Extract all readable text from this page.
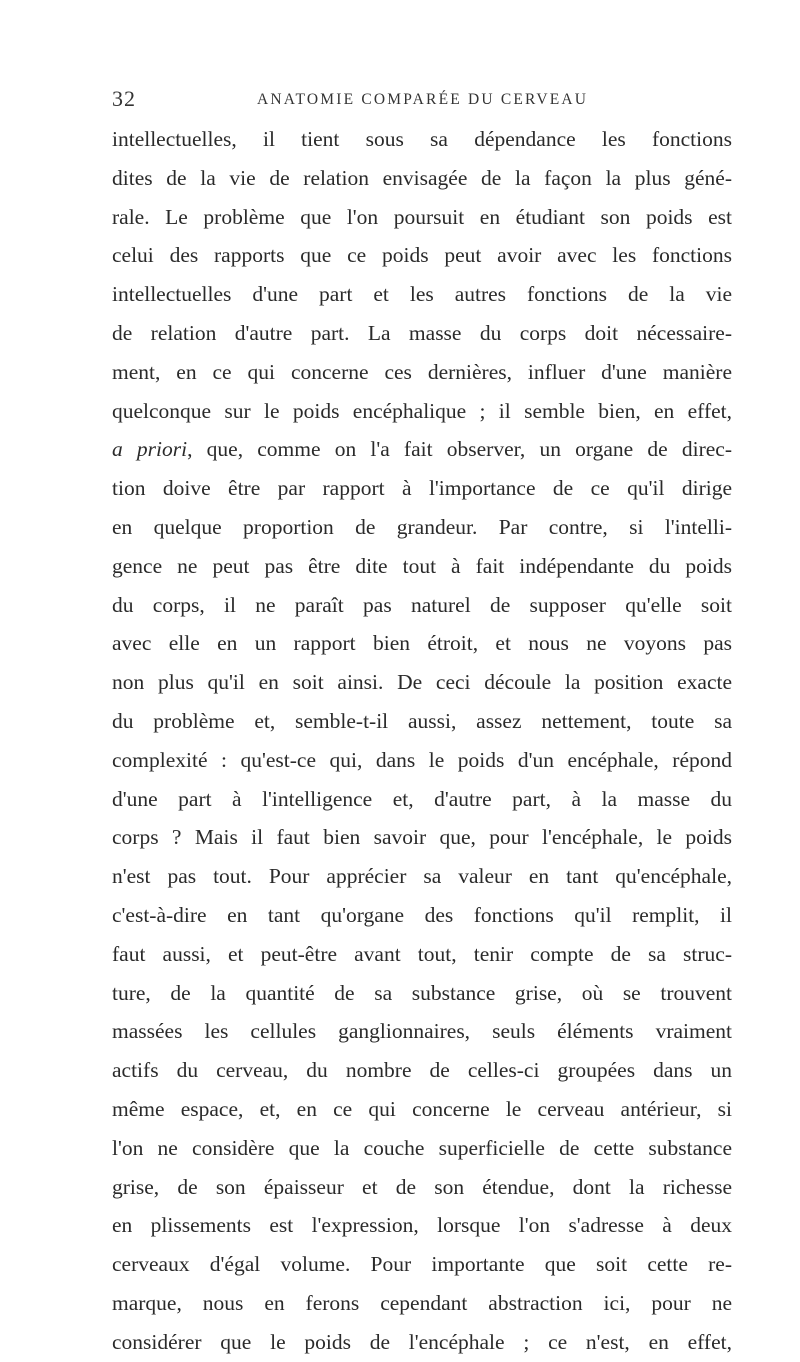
32	ANATOMIE COMPARÉE DU CERVEAU
intellectuelles, il tient sous sa dépendance les fonctions
dites de la vie de relation envisagée de la façon la plus géné-
rale. Le problème que l'on poursuit en étudiant son poids est
celui des rapports que ce poids peut avoir avec les fonctions
intellectuelles d'une part et les autres fonctions de la vie
de relation d'autre part. La masse du corps doit nécessaire-
ment, en ce qui concerne ces dernières, influer d'une manière
quelconque sur le poids encéphalique ; il semble bien, en effet,
a priori, que, comme on l'a fait observer, un organe de direc-
tion doive être par rapport à l'importance de ce qu'il dirige
en quelque proportion de grandeur. Par contre, si l'intelli-
gence ne peut pas être dite tout à fait indépendante du poids
du corps, il ne paraît pas naturel de supposer qu'elle soit
avec elle en un rapport bien étroit, et nous ne voyons pas
non plus qu'il en soit ainsi. De ceci découle la position exacte
du problème et, semble-t-il aussi, assez nettement, toute sa
complexité : qu'est-ce qui, dans le poids d'un encéphale, répond
d'une part à l'intelligence et, d'autre part, à la masse du
corps ? Mais il faut bien savoir que, pour l'encéphale, le poids
n'est pas tout. Pour apprécier sa valeur en tant qu'encéphale,
c'est-à-dire en tant qu'organe des fonctions qu'il remplit, il
faut aussi, et peut-être avant tout, tenir compte de sa struc-
ture, de la quantité de sa substance grise, où se trouvent
massées les cellules ganglionnaires, seuls éléments vraiment
actifs du cerveau, du nombre de celles-ci groupées dans un
même espace, et, en ce qui concerne le cerveau antérieur, si
l'on ne considère que la couche superficielle de cette substance
grise, de son épaisseur et de son étendue, dont la richesse
en plissements est l'expression, lorsque l'on s'adresse à deux
cerveaux d'égal volume. Pour importante que soit cette re-
marque, nous en ferons cependant abstraction ici, pour ne
considérer que le poids de l'encéphale ; ce n'est, en effet,
